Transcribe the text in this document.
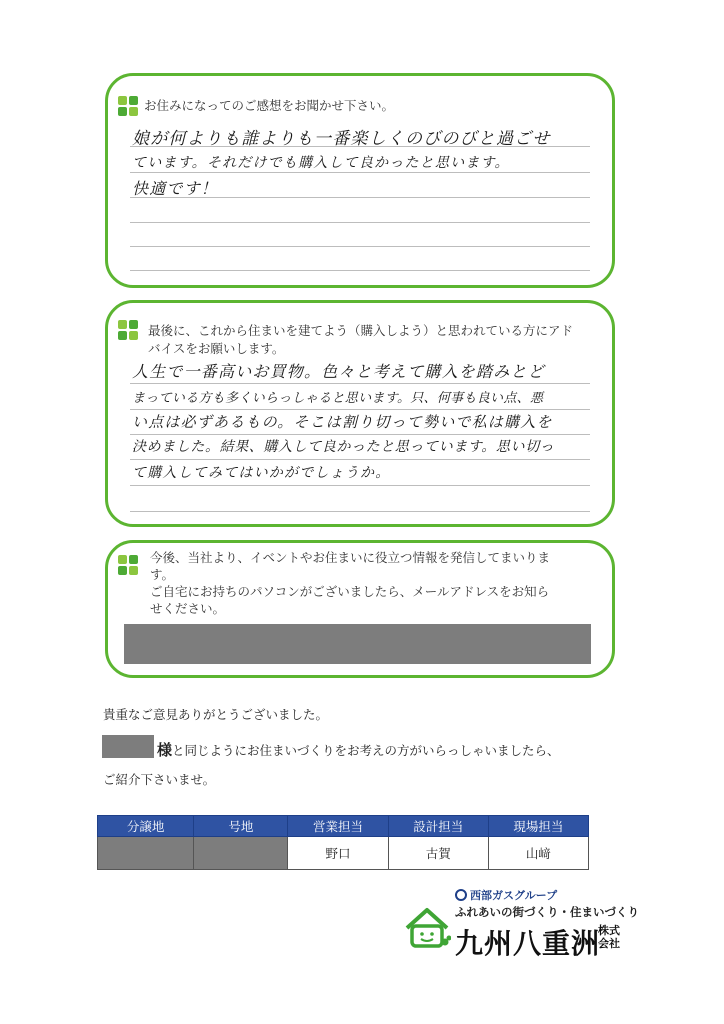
お住みになってのご感想をお聞かせ下さい。
娘が何よりも誰よりも一番楽しくのびのびと過ごせ
ています。それだけでも購入して良かったと思います。
快適です！
最後に、これから住まいを建てよう（購入しよう）と思われている方にアド
バイスをお願いします。
人生で一番高いお買物。色々と考えて購入を踏みとど
まっている方も多くいらっしゃると思います。只、何事も良い点、悪
い点は必ずあるもの。そこは割り切って勢いで私は購入を
決めました。結果、購入して良かったと思っています。思い切っ
て購入してみてはいかがでしょうか。
今後、当社より、イベントやお住まいに役立つ情報を発信してまいりま
す。
ご自宅にお持ちのパソコンがございましたら、メールアドレスをお知ら
せください。
貴重なご意見ありがとうございました。
様と同じようにお住まいづくりをお考えの方がいらっしゃいましたら、
ご紹介下さいませ。
分譲地	号地	営業担当	設計担当	現場担当
		野口	古賀	山﨑
西部ガスグループ
ふれあいの街づくり・住まいづくり
九州八重洲
株式会社
